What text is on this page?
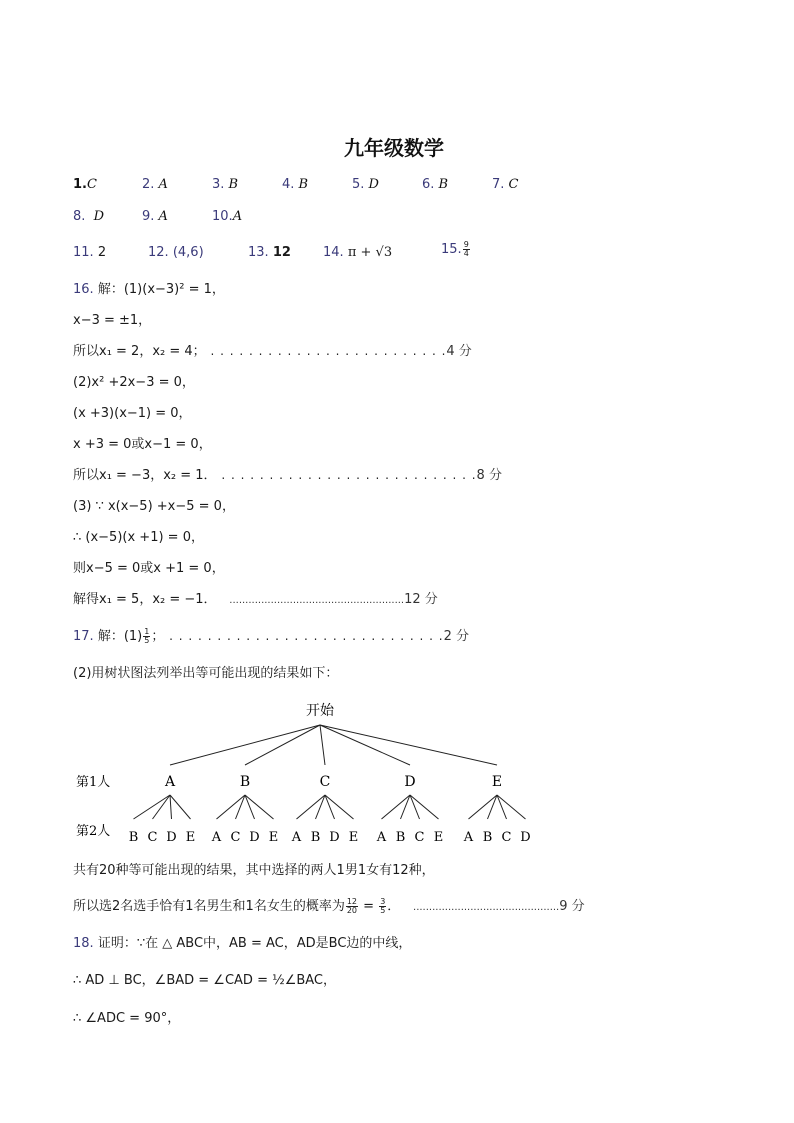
九年级数学
1.C	2. A	3. B	4. B	5. D	6. B	7. C
8. D	9. A	10.A
11. 2	12. (4,6)	13. 12 14. π + √3	15. $\frac{9}{4}$
16. 解：(1)(x−3)² = 1，
x−3 = ±1，
所以x₁ = 2，x₂ = 4； . . . . . . . . . . . . . . . . . . . . . . . . .4 分
(2)x² +2x−3 = 0，
(x +3)(x−1) = 0，
x +3 = 0或x−1 = 0，
所以x₁ = −3，x₂ = 1． . . . . . . . . . . . . . . . . . . . . . . . . . . .8 分
(3) ∵ x(x−5) +x−5 = 0，
∴ (x−5)(x +1) = 0，
则x−5 = 0或x +1 = 0，
解得x₁ = 5，x₂ = −1．    .......................................................12 分
17. 解：$(1) \frac{1}{5}$ ； . . . . . . . . . . . . . . . . . . . . . . . . . . . . .2 分
(2)用树状图法列举出等可能出现的结果如下：
开始
第1人
第2人
A	B	C	D	E
B C D E A C D E A B D E A B C E A B C D
共有20种等可能出现的结果，其中选择的两人1男1女有12种，
所以选2名选手恰有1名男生和1名女生的概率为 $\frac{12}{20} = \frac{3}{5}$ ．    ..............................................9 分
18. 证明：∵在 △ ABC中，AB = AC，AD是BC边的中线，
∴ AD ⊥ BC，∠BAD = ∠CAD = ½∠BAC，
∴ ∠ADC = 90°，
